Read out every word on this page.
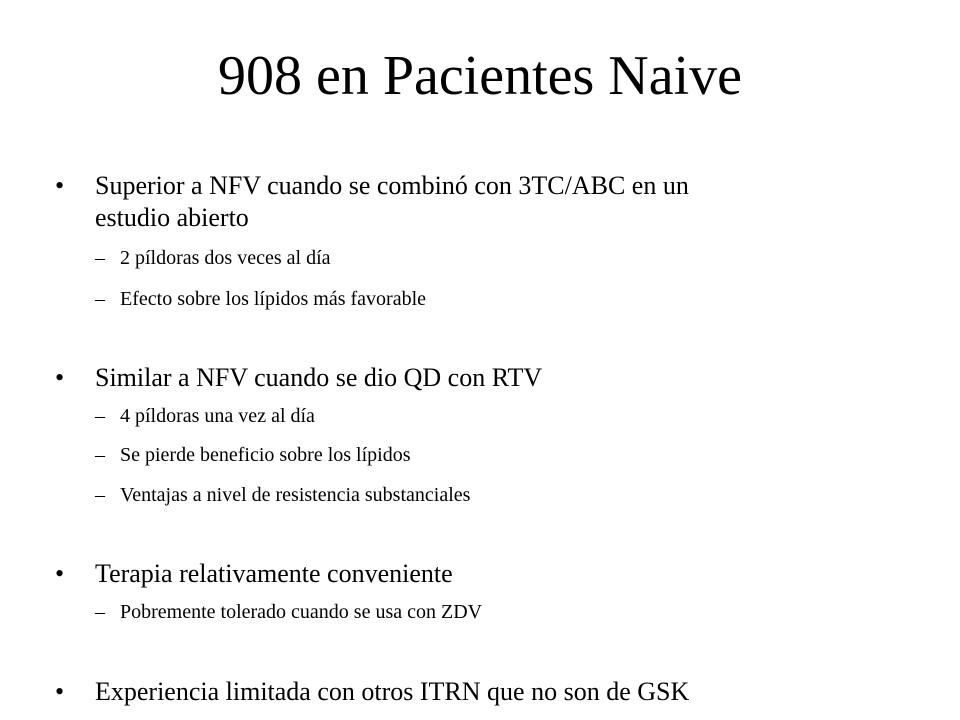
908 en Pacientes Naive
• Superior a NFV cuando se combinó con 3TC/ABC en un
estudio abierto
– 2 píldoras dos veces al día
– Efecto sobre los lípidos más favorable
• Similar a NFV cuando se dio QD con RTV
– 4 píldoras una vez al día
– Se pierde beneficio sobre los lípidos
– Ventajas a nivel de resistencia substanciales
• Terapia relativamente conveniente
– Pobremente tolerado cuando se usa con ZDV
• Experiencia limitada con otros ITRN que no son de GSK
